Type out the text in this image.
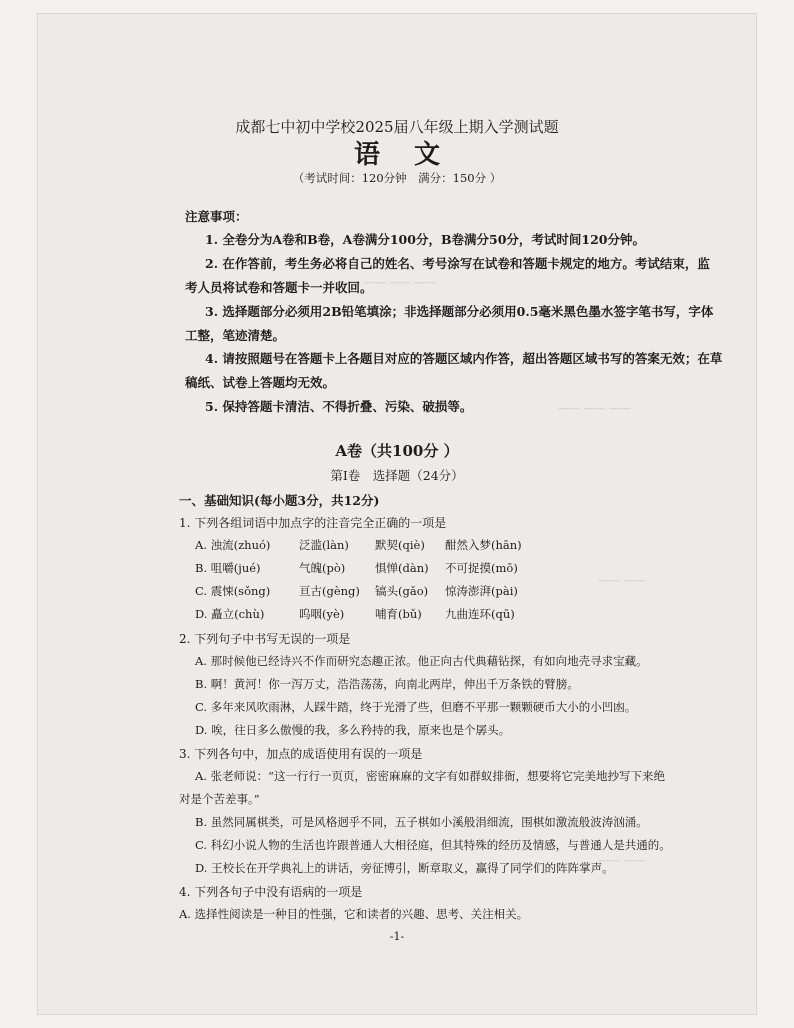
—— —— —— ——
—— —— ——
—— ——
—— ——
成都七中初中学校2025届八年级上期入学测试题
语文
（考试时间：120分钟　满分：150分 ）
注意事项：
1. 全卷分为A卷和B卷，A卷满分100分，B卷满分50分，考试时间120分钟。
2. 在作答前，考生务必将自己的姓名、考号涂写在试卷和答题卡规定的地方。考试结束，监
考人员将试卷和答题卡一并收回。
3. 选择题部分必须用2B铅笔填涂；非选择题部分必须用0.5毫米黑色墨水签字笔书写，字体
工整，笔迹清楚。
4. 请按照题号在答题卡上各题目对应的答题区域内作答，超出答题区域书写的答案无效；在草
稿纸、试卷上答题均无效。
5. 保持答题卡清洁、不得折叠、污染、破损等。
A卷（共100分 ）
第Ⅰ卷　选择题（24分）
一、基础知识(每小题3分，共12分)
1. 下列各组词语中加点字的注音完全正确的一项是
A. 浊流(zhuó) 泛滥(làn) 默契(qiè) 酣然入梦(hān)
B. 咀嚼(jué)	气魄(pò)	惧惮(dàn) 不可捉摸(mō)
C. 震悚(sǒng) 亘古(gèng) 镐头(gǎo) 惊涛澎湃(pài)
D. 矗立(chù)	呜咽(yè)	哺育(bǔ) 九曲连环(qū)
2. 下列句子中书写无误的一项是
A. 那时候他已经诗兴不作而研究态趣正浓。他正向古代典藉钻探，有如向地壳寻求宝藏。
B. 啊！黄河！你一泻万丈，浩浩荡荡，向南北两岸，伸出千万条铁的臂膀。
C. 多年来风吹雨淋，人踩牛踏，终于光滑了些，但磨不平那一颗颗硬币大小的小凹凼。
D. 唉，往日多么傲慢的我，多么矜持的我，原来也是个孱头。
3. 下列各句中，加点的成语使用有误的一项是
A. 张老师说：“这一行行一页页，密密麻麻的文字有如群蚁排衙，想要将它完美地抄写下来绝
对是个苦差事。”
B. 虽然同属棋类，可是风格迥乎不同，五子棋如小溪般涓细流，围棋如激流般波涛汹涌。
C. 科幻小说人物的生活也许跟普通人大相径庭，但其特殊的经历及情感，与普通人是共通的。
D. 王校长在开学典礼上的讲话，旁征博引，断章取义，赢得了同学们的阵阵掌声。
4. 下列各句子中没有语病的一项是
A. 选择性阅读是一种目的性强，它和读者的兴趣、思考、关注相关。
-1-
